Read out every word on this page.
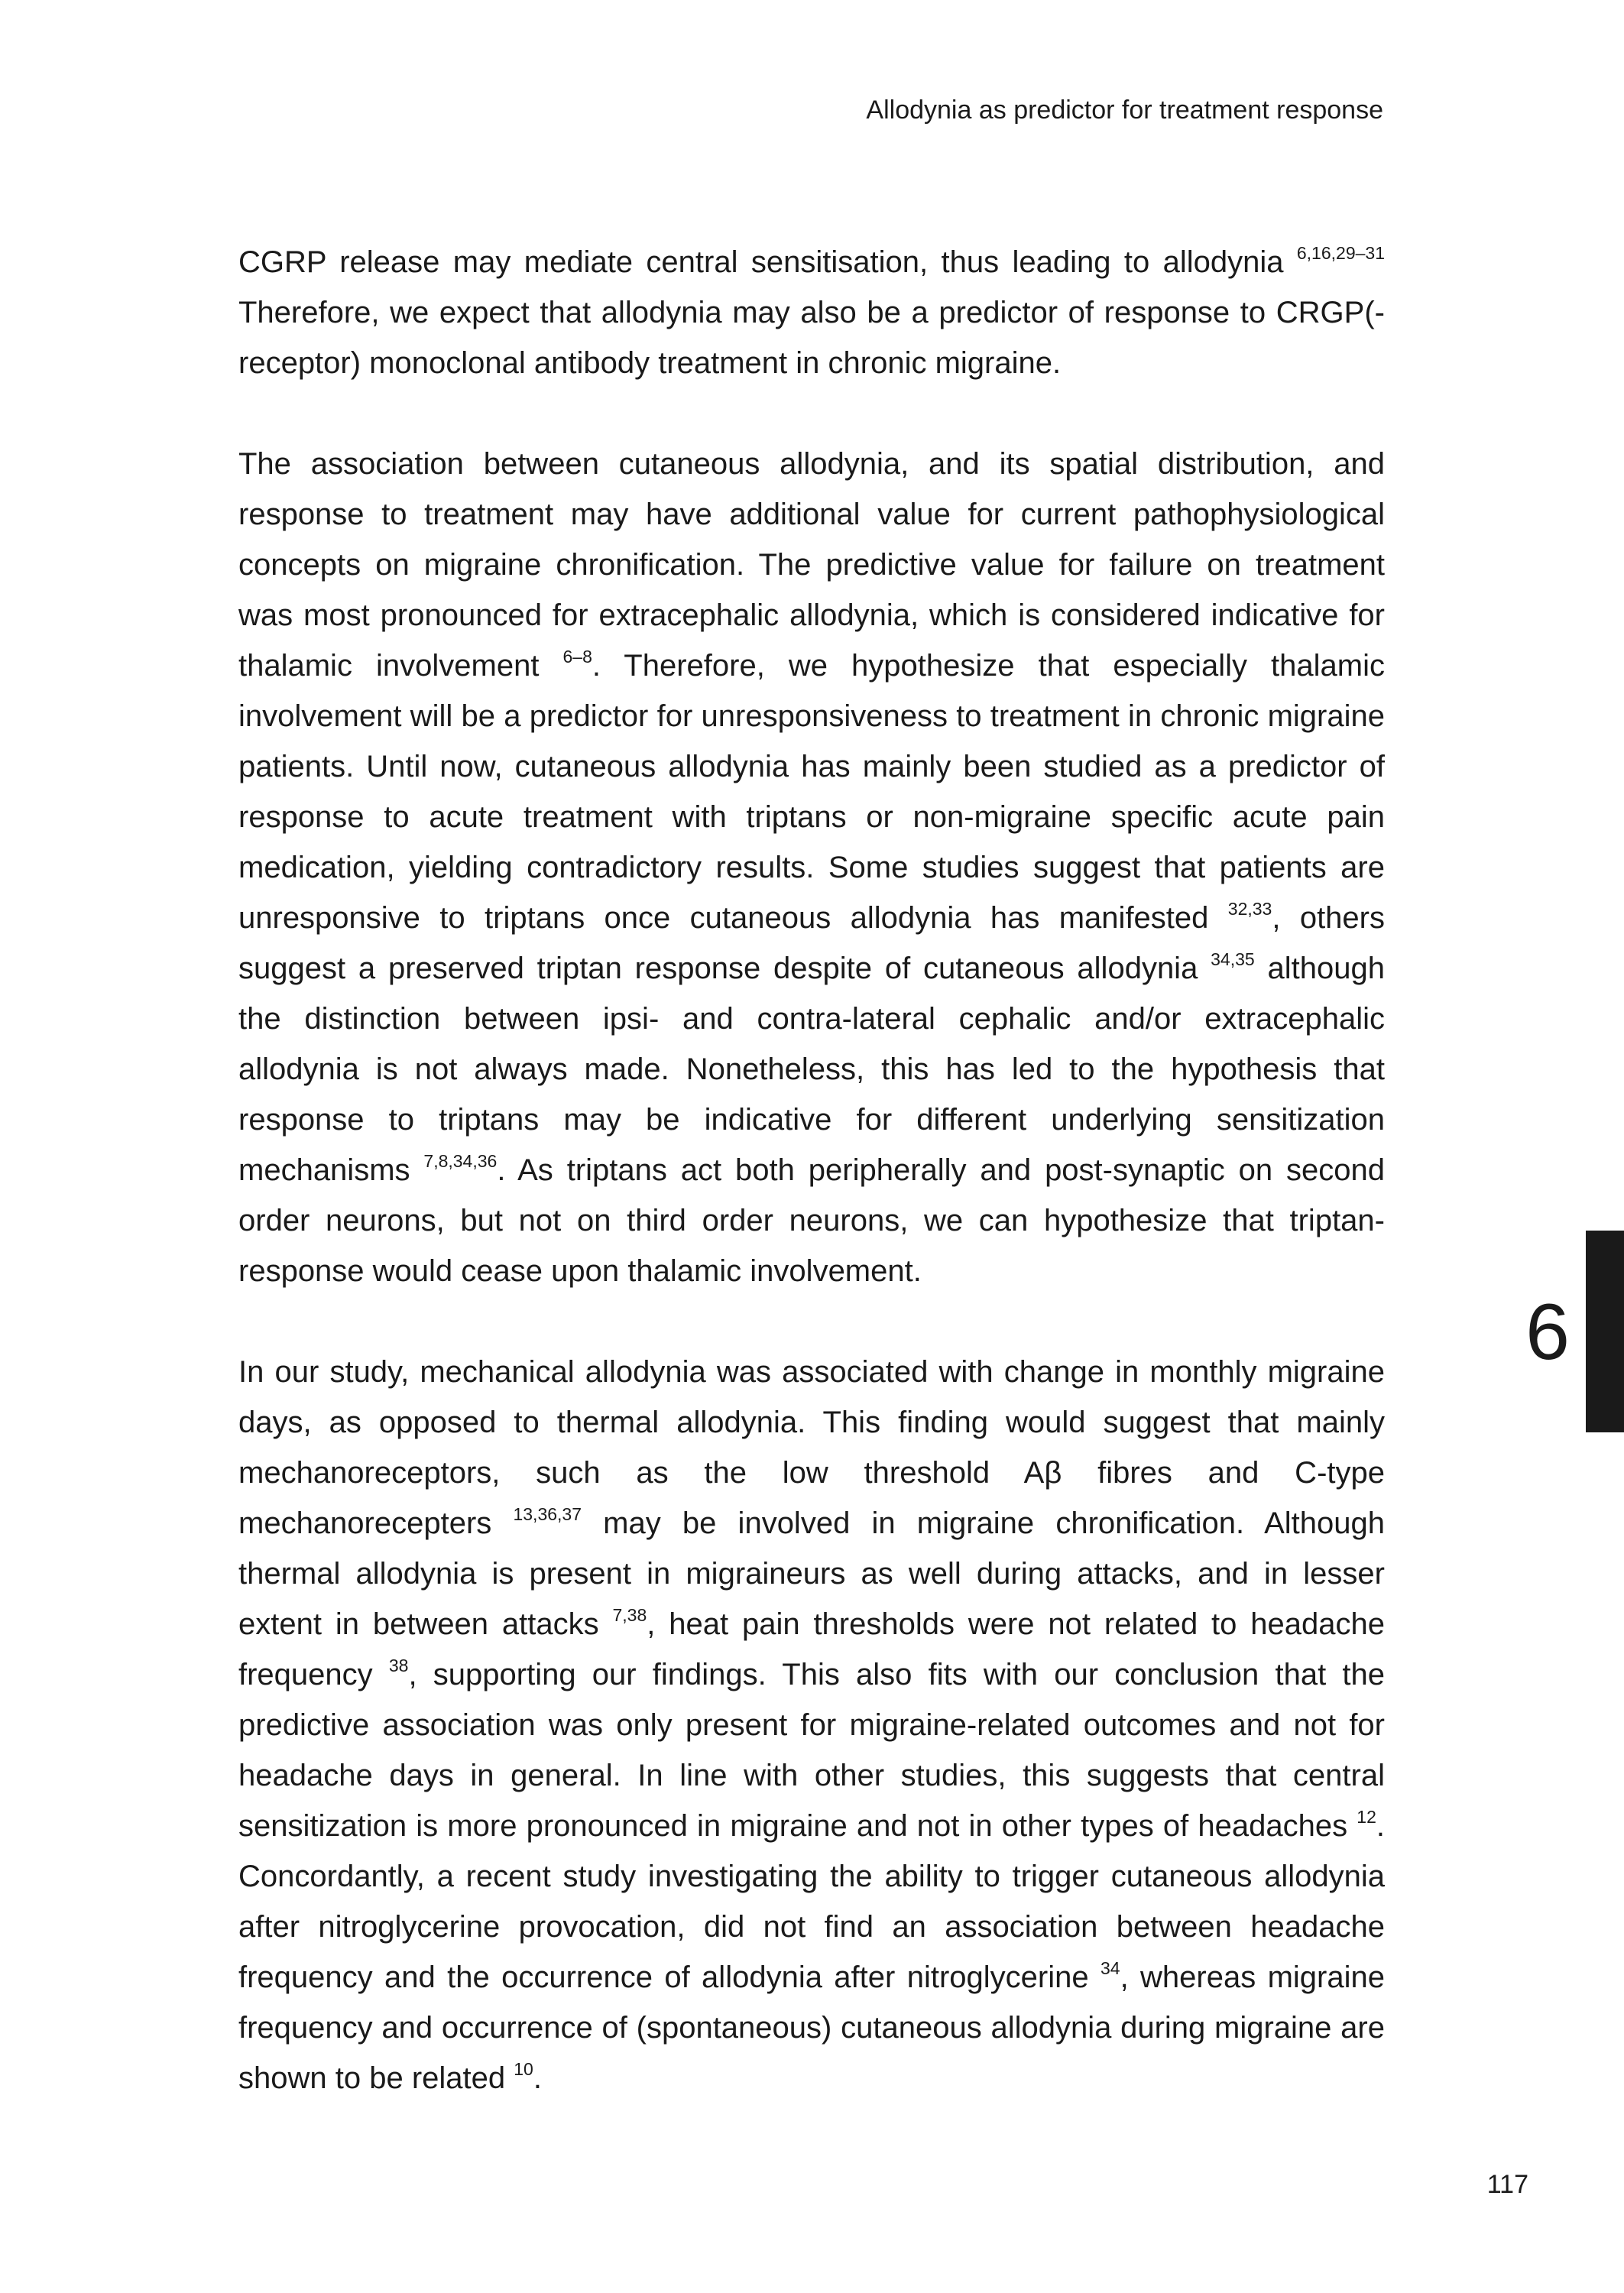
Allodynia as predictor for treatment response

CGRP release may mediate central sensitisation, thus leading to allodynia $^{6,16,29-31}$ Therefore, we expect that allodynia may also be a predictor of response to CRGP(-receptor) monoclonal antibody treatment in chronic migraine.

The association between cutaneous allodynia, and its spatial distribution, and response to treatment may have additional value for current pathophysiological concepts on migraine chronification. The predictive value for failure on treatment was most pronounced for extracephalic allodynia, which is considered indicative for thalamic involvement $^{6-8}$. Therefore, we hypothesize that especially thalamic involvement will be a predictor for unresponsiveness to treatment in chronic migraine patients. Until now, cutaneous allodynia has mainly been studied as a predictor of response to acute treatment with triptans or non-migraine specific acute pain medication, yielding contradictory results. Some studies suggest that patients are unresponsive to triptans once cutaneous allodynia has manifested $^{32,33}$, others suggest a preserved triptan response despite of cutaneous allodynia $^{34,35}$ although the distinction between ipsi- and contra-lateral cephalic and/or extracephalic allodynia is not always made. Nonetheless, this has led to the hypothesis that response to triptans may be indicative for different underlying sensitization mechanisms $^{7,8,34,36}$. As triptans act both peripherally and post-synaptic on second order neurons, but not on third order neurons, we can hypothesize that triptan-response would cease upon thalamic involvement.

In our study, mechanical allodynia was associated with change in monthly migraine days, as opposed to thermal allodynia. This finding would suggest that mainly mechanoreceptors, such as the low threshold Aβ fibres and C-type mechanorecepters $^{13,36,37}$ may be involved in migraine chronification. Although thermal allodynia is present in migraineurs as well during attacks, and in lesser extent in between attacks $^{7,38}$, heat pain thresholds were not related to headache frequency $^{38}$, supporting our findings. This also fits with our conclusion that the predictive association was only present for migraine-related outcomes and not for headache days in general. In line with other studies, this suggests that central sensitization is more pronounced in migraine and not in other types of headaches $^{12}$. Concordantly, a recent study investigating the ability to trigger cutaneous allodynia after nitroglycerine provocation, did not find an association between headache frequency and the occurrence of allodynia after nitroglycerine $^{34}$, whereas migraine frequency and occurrence of (spontaneous) cutaneous allodynia during migraine are shown to be related $^{10}$.

6
117
